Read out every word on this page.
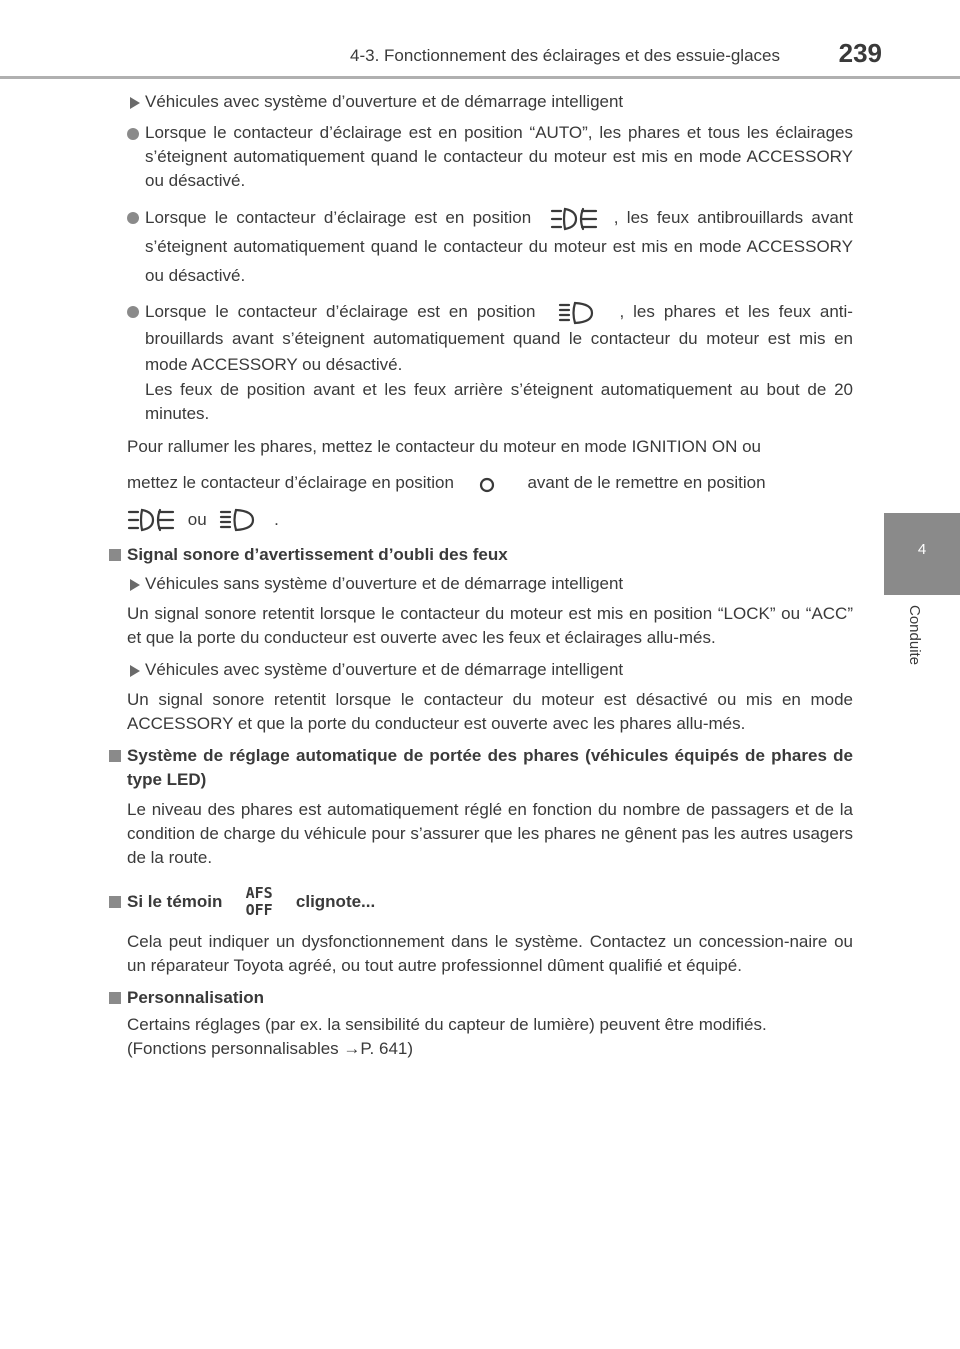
4-3. Fonctionnement des éclairages et des essuie-glaces 239
4
Conduite
Véhicules avec système d’ouverture et de démarrage intelligent
Lorsque le contacteur d’éclairage est en position “AUTO”, les phares et tous les éclairages s’éteignent automatiquement quand le contacteur du moteur est mis en mode ACCESSORY ou désactivé.
Lorsque le contacteur d’éclairage est en position	, les feux antibrouillards avant s’éteignent automatiquement quand le contacteur du moteur est mis en mode ACCESSORY ou désactivé.
Lorsque le contacteur d’éclairage est en position	, les phares et les feux anti-brouillards avant s’éteignent automatiquement quand le contacteur du moteur est mis en mode ACCESSORY ou désactivé.
Les feux de position avant et les feux arrière s’éteignent automatiquement au bout de 20 minutes.
Pour rallumer les phares, mettez le contacteur du moteur en mode IGNITION ON ou
mettez le contacteur d’éclairage en position	avant de le remettre en position
ou	.
Signal sonore d’avertissement d’oubli des feux
Véhicules sans système d’ouverture et de démarrage intelligent
Un signal sonore retentit lorsque le contacteur du moteur est mis en position “LOCK” ou “ACC” et que la porte du conducteur est ouverte avec les feux et éclairages allu-més.
Véhicules avec système d’ouverture et de démarrage intelligent
Un signal sonore retentit lorsque le contacteur du moteur est désactivé ou mis en mode ACCESSORY et que la porte du conducteur est ouverte avec les phares allu-més.
Système de réglage automatique de portée des phares (véhicules équipés de phares de type LED)
Le niveau des phares est automatiquement réglé en fonction du nombre de passagers et de la condition de charge du véhicule pour s’assurer que les phares ne gênent pas les autres usagers de la route.
Si le témoin	AFS
OFF	clignote...
Cela peut indiquer un dysfonctionnement dans le système. Contactez un concession-naire ou un réparateur Toyota agréé, ou tout autre professionnel dûment qualifié et équipé.
Personnalisation
Certains réglages (par ex. la sensibilité du capteur de lumière) peuvent être modifiés.
(Fonctions personnalisables →P. 641)
